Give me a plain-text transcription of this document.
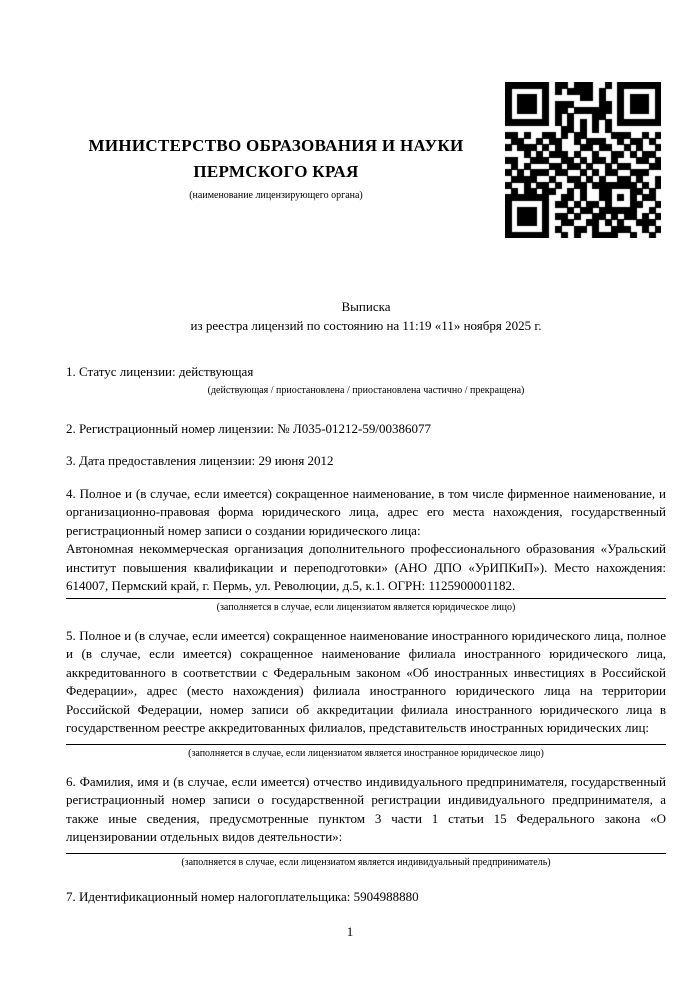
МИНИСТЕРСТВО ОБРАЗОВАНИЯ И НАУКИ
ПЕРМСКОГО КРАЯ
(наименование лицензирующего органа)
Выписка
из реестра лицензий по состоянию на 11:19 «11» ноября 2025 г.

1. Статус лицензии: действующая

(действующая / приостановлена / приостановлена частично / прекращена)

2. Регистрационный номер лицензии: № Л035-01212-59/00386077

3. Дата предоставления лицензии: 29 июня 2012

4. Полное и (в случае, если имеется) сокращенное наименование, в том числе фирменное наименование, и организационно-правовая форма юридического лица, адрес его места нахождения, государственный регистрационный номер записи о создании юридического лица:

Автономная некоммерческая организация дополнительного профессионального образования «Уральский институт повышения квалификации и переподготовки» (АНО ДПО «УрИПКиП»). Место нахождения: 614007, Пермский край, г. Пермь, ул. Революции, д.5, к.1. ОГРН: 1125900001182.
(заполняется в случае, если лицензиатом является юридическое лицо)

5. Полное и (в случае, если имеется) сокращенное наименование иностранного юридического лица, полное и (в случае, если имеется) сокращенное наименование филиала иностранного юридического лица, аккредитованного в соответствии с Федеральным законом «Об иностранных инвестициях в Российской Федерации», адрес (место нахождения) филиала иностранного юридического лица на территории Российской Федерации, номер записи об аккредитации филиала иностранного юридического лица в государственном реестре аккредитованных филиалов, представительств иностранных юридических лиц:

(заполняется в случае, если лицензиатом является иностранное юридическое лицо)

6. Фамилия, имя и (в случае, если имеется) отчество индивидуального предпринимателя, государственный регистрационный номер записи о государственной регистрации индивидуального предпринимателя, а также иные сведения, предусмотренные пунктом 3 части 1 статьи 15 Федерального закона «О лицензировании отдельных видов деятельности»:

(заполняется в случае, если лицензиатом является индивидуальный предприниматель)

7. Идентификационный номер налогоплательщика: 5904988880

1
